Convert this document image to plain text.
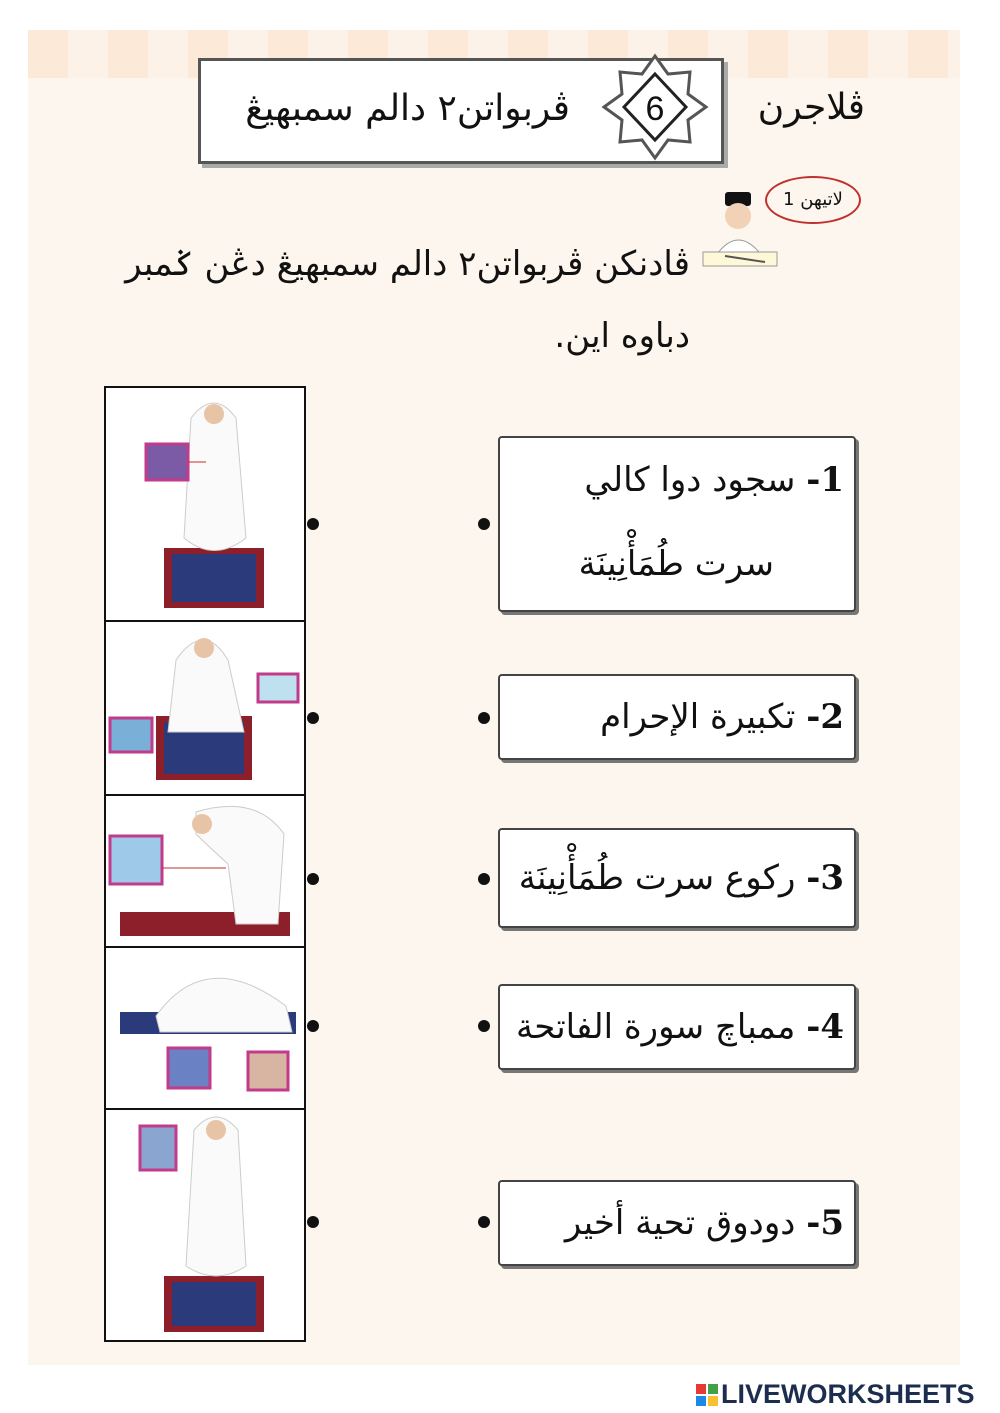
ڤربواتن٢ دالم سمبهيڠ 6	ڤلاجرن
لاتيهن 1
ڤادنكن ڤربواتن٢ دالم سمبهيڠ دڠن ݢمبر دباوه اين.
1- سجود دوا كالي
سرت طُمَأْنِينَة
2- تكبيرة الإحرام
3- ركوع سرت طُمَأْنِينَة
4- ممباچ سورة الفاتحة
5- دودوق تحية أخير
LIVEWORKSHEETS
